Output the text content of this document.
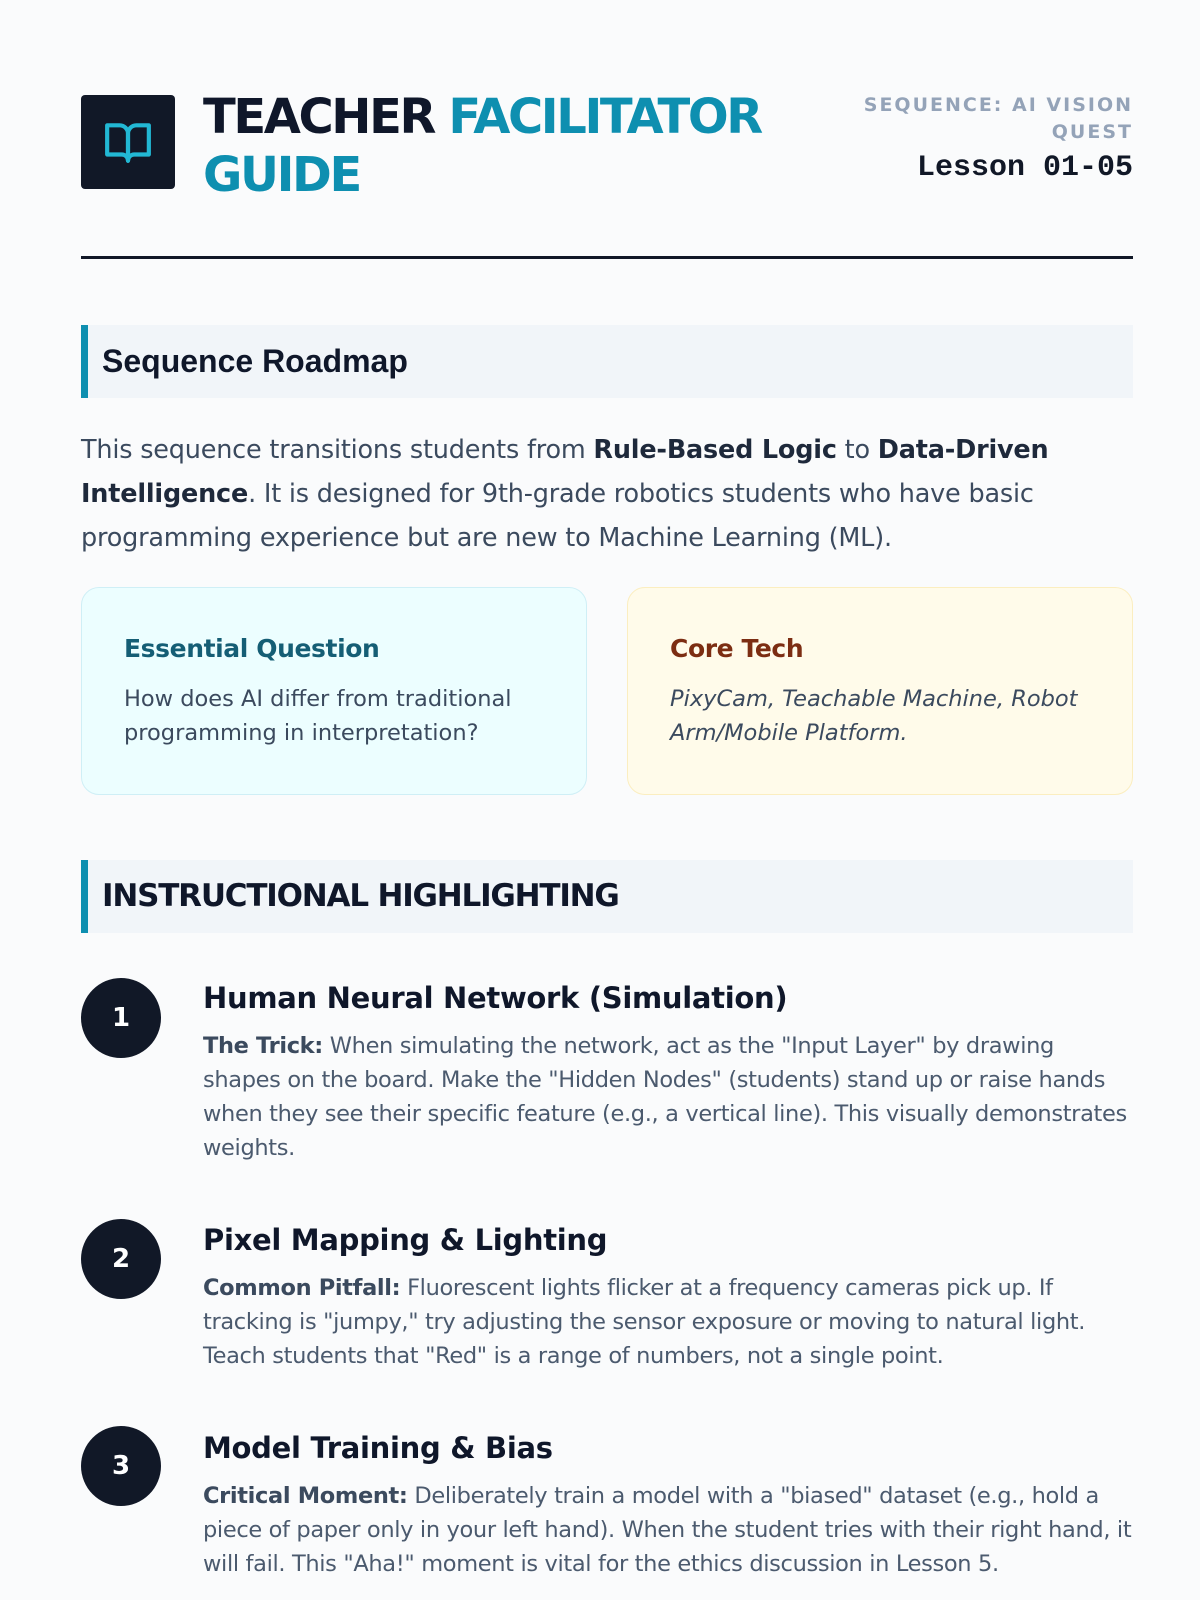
TEACHER FACILITATOR GUIDE
SEQUENCE: AI VISION QUEST
Lesson 01-05
Sequence Roadmap

This sequence transitions students from Rule-Based Logic to Data-Driven Intelligence. It is designed for 9th-grade robotics students who have basic programming experience but are new to Machine Learning (ML).

Essential Question

How does AI differ from traditional programming in interpretation?

Core Tech

PixyCam, Teachable Machine, Robot Arm/Mobile Platform.

INSTRUCTIONAL HIGHLIGHTING
1
Human Neural Network (Simulation)

The Trick: When simulating the network, act as the "Input Layer" by drawing shapes on the board. Make the "Hidden Nodes" (students) stand up or raise hands when they see their specific feature (e.g., a vertical line). This visually demonstrates weights.

2
Pixel Mapping & Lighting

Common Pitfall: Fluorescent lights flicker at a frequency cameras pick up. If tracking is "jumpy," try adjusting the sensor exposure or moving to natural light. Teach students that "Red" is a range of numbers, not a single point.

3
Model Training & Bias

Critical Moment: Deliberately train a model with a "biased" dataset (e.g., hold a piece of paper only in your left hand). When the student tries with their right hand, it will fail. This "Aha!" moment is vital for the ethics discussion in Lesson 5.
